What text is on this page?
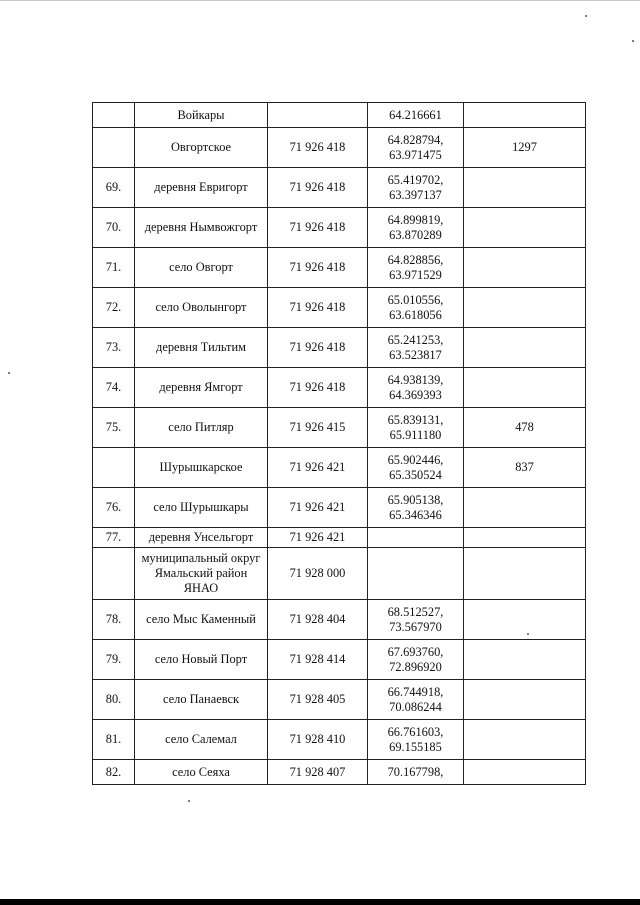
	Войкары		64.216661	

	Овгортское	71 926 418	64.828794,
63.971475	1297
69.	деревня Евригорт	71 926 418	65.419702,
63.397137	

70.	деревня Нымвожгорт	71 926 418	64.899819,
63.870289	

71.	село Овгорт	71 926 418	64.828856,
63.971529	

72.	село Оволынгорт	71 926 418	65.010556,
63.618056	

73.	деревня Тильтим	71 926 418	65.241253,
63.523817	

74.	деревня Ямгорт	71 926 418	64.938139,
64.369393	

75.	село Питляр	71 926 415	65.839131,
65.911180	478
	Шурышкарское	71 926 421	65.902446,
65.350524	837
76.	село Шурышкары	71 926 421	65.905138,
65.346346	

77.	деревня Унсельгорт	71 926 421	

	муниципальный округ Ямальский район ЯНАО	71 928 000	

78.	село Мыс Каменный	71 928 404	68.512527,
73.567970	

79.	село Новый Порт	71 928 414	67.693760,
72.896920	

80.	село Панаевск	71 928 405	66.744918,
70.086244	

81.	село Салемал	71 928 410	66.761603,
69.155185	

82.	село Сеяха	71 928 407	70.167798,	
